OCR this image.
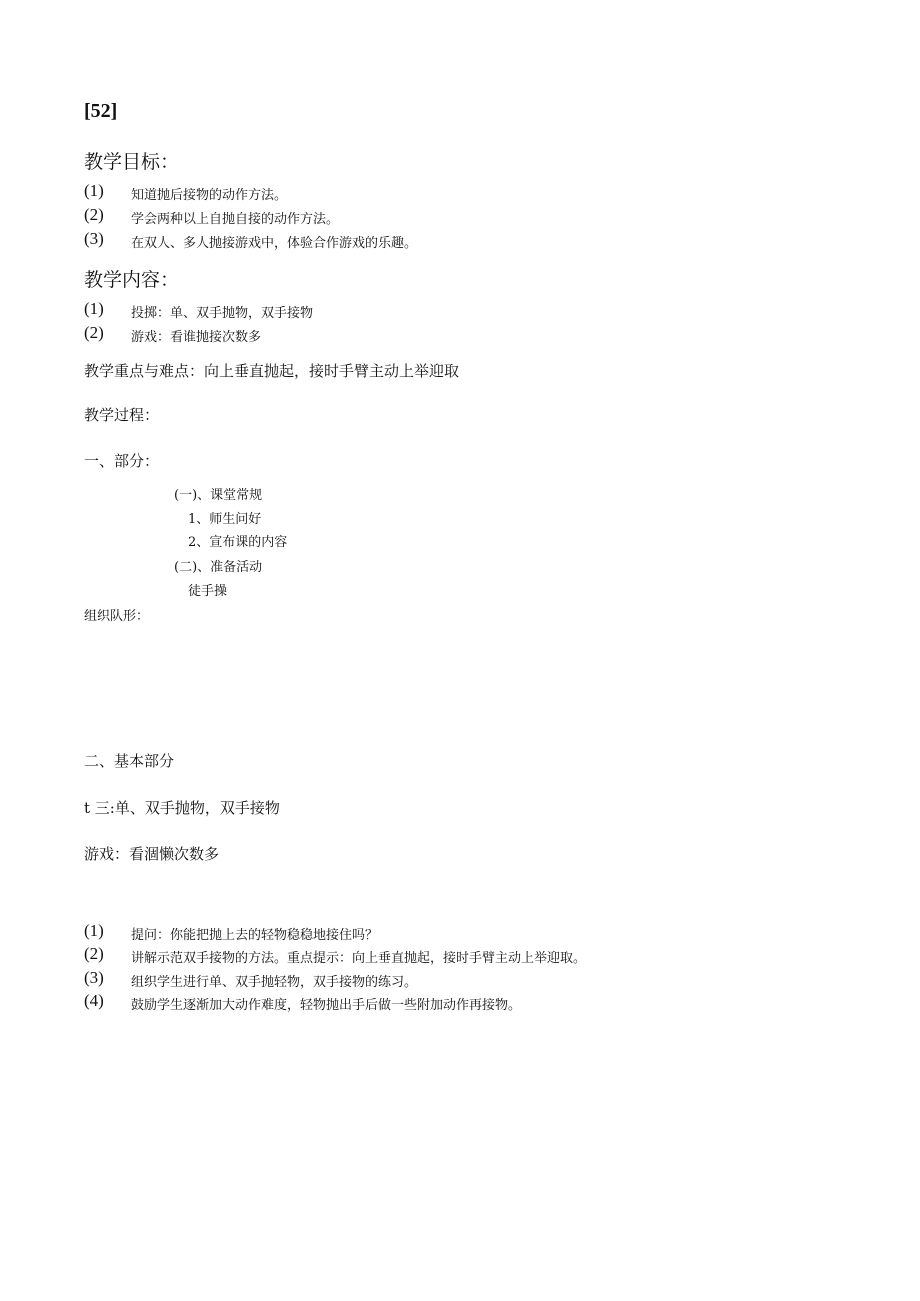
[52]
教学目标：
(1) 知道抛后接物的动作方法。
(2) 学会两种以上自抛自接的动作方法。
(3) 在双人、多人抛接游戏中，体验合作游戏的乐趣。
教学内容：
(1) 投掷：单、双手抛物，双手接物
(2) 游戏：看谁抛接次数多
教学重点与难点：向上垂直抛起，接时手臂主动上举迎取
教学过程：
一、部分：
(一)、课堂常规
1、师生问好
2、宣布课的内容
(二)、准备活动
徒手操
组织队形：
二、基本部分
t 三:单、双手抛物，双手接物
游戏：看涸懒次数多
(1) 提问：你能把抛上去的轻物稳稳地接住吗？
(2) 讲解示范双手接物的方法。重点提示：向上垂直抛起，接时手臂主动上举迎取。
(3) 组织学生进行单、双手抛轻物，双手接物的练习。
(4) 鼓励学生逐渐加大动作难度，轻物抛出手后做一些附加动作再接物。
